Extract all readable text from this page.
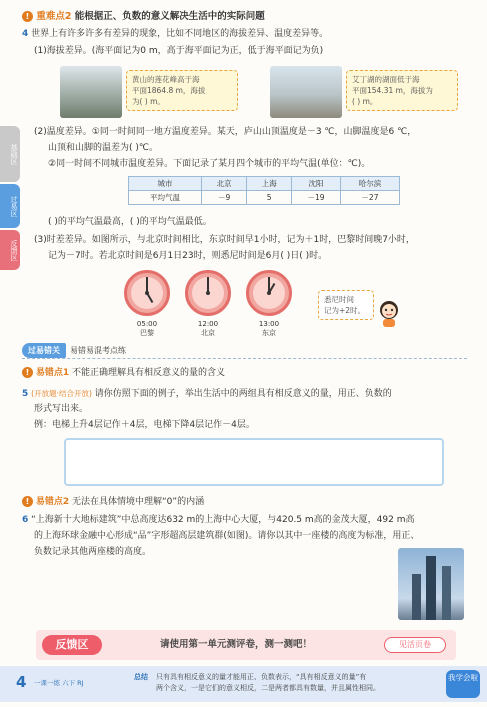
基础区
过易区
反馈区
! 重难点2 能根据正、负数的意义解决生活中的实际问题
4 世界上有许多许多有差异的现象，比如不同地区的海拔差异、温度差异等。
(1)海拔差异。(海平面记为0 m，高于海平面记为正，低于海平面记为负)
黄山的莲花峰高于海
平面1864.8 m，海拔
为( ) m。
艾丁湖的湖面低于海
平面154.31 m，海拔为
( ) m。
(2)温度差异。①同一时间同一地方温度差异。某天，庐山山顶温度是－3 ℃，山脚温度是6 ℃，
山顶和山脚的温差为( )℃。
②同一时间不同城市温度差异。下面记录了某月四个城市的平均气温(单位：℃)。
城市	北京	上海	沈阳	哈尔滨
平均气温	－9	5	－19	－27
( )的平均气温最高，( )的平均气温最低。
(3)时差差异。如图所示，与北京时间相比，东京时间早1小时，记为＋1时，巴黎时间晚7小时，
记为－7时。若北京时间是6月1日23时，则悉尼时间是6月( )日( )时。
05:00
巴黎
12:00
北京
13:00
东京
悉尼时间
记为+2时。
过易错关	易错易混考点练
! 易错点1 不能正确理解具有相反意义的量的含义
5 (开放题·结合开放) 请你仿照下面的例子，举出生活中的两组具有相反意义的量，用正、负数的
形式写出来。
例：电梯上升4层记作＋4层，电梯下降4层记作－4层。
! 易错点2 无法在具体情境中理解“0”的内涵
6 “上海新十大地标建筑”中总高度达632 m的上海中心大厦，与420.5 m高的金茂大厦，492 m高
的上海环球金融中心形成“品”字形超高层建筑群(如图)。请你以其中一座楼的高度为标准，用正、
负数记录其他两座楼的高度。
反馈区	请使用第一单元测评卷，测一测吧！	见活页卷
4 一课一练 六下 RJ
总结 只有具有相反意义的量才能用正、负数表示，“具有相反意义的量”有
两个含义，一是它们的意义相反，二是两者都具有数量，并且属性相同。
我学会啦
